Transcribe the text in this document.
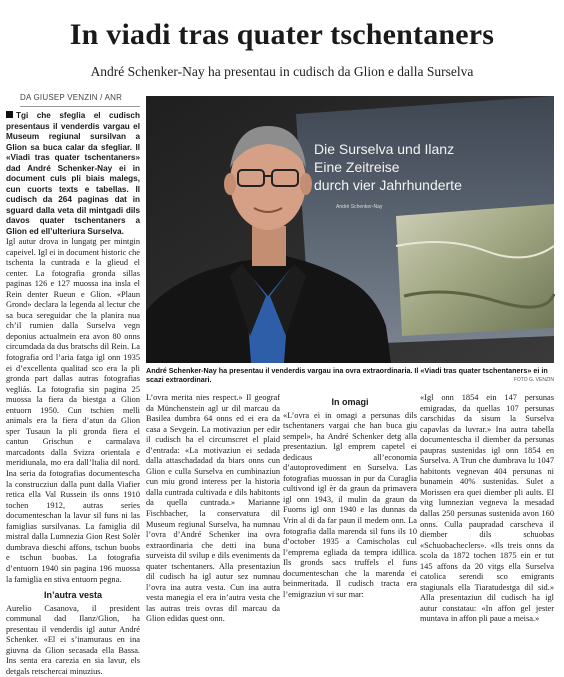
In viadi tras quater tschentaners
André Schenker-Nay ha presentau in cudisch da Glion e dalla Surselva
DA GIUSEP VENZIN / ANR
Tgi che sfeglia el cudisch presentaus il venderdis vargau el Museum regiunal sursilvan a Glion sa buca calar da sfegliar. Il «Viadi tras quater tschentaners» dad André Schenker-Nay ei in document culs pli biais malegs, cun cuorts texts e tabellas. Il cudisch da 264 paginas dat in sguard dalla veta dil mintgadi dils davos quater tschentaners a Glion ed ell’ulteriura Surselva.
Igl autur drova in lungatg per mintgin capeivel. Igl ei in document historic che tschenta la cuntrada e la glieud el center. La fotografia gronda sillas paginas 126 e 127 muossa ina insla el Rein denter Rueun e Glion. «Plaun Grond» declara la legenda al lectur che sa buca sereguidar che la planira nua ch’il rumien dalla Surselva vegn deponius actualmein era avon 80 onns circumdada da dus bratschs dil Rein. La fotografia ord l’aria fatga igl onn 1935 ei d’excellenta qualitad sco era la pli gronda part dallas autras fotografias vegliás. La fotografia sin pagina 25 muossa la fiera da biestga a Glion entuorn 1950. Cun tschien melli animals era la fiera d’atun da Glion sper Tusaun la pli gronda fiera el cantun Grischun e carmalava marcadonts dalla Svizra orientala e meridiunala, mo era dall’Italia dil nord. Ina seria da fotografias documentescha la construcziun dalla punt dalla Viafier retica ella Val Russein ils onns 1910 tochen 1912, autras series documenteschan la lavur sil funs ni las famiglias sursilvanas. La famiglia dil mistral dalla Lumnezia Gion Rest Solèr dumbrava dieschi affons, tschun buobs e tschun buobas. La fotografia d’entuorn 1940 sin pagina 196 muossa la famiglia en stiva entuorn pegna.
In’autra vesta
Aurelio Casanova, il president communal dad Ilanz/Glion, ha presentau il venderdis igl autur André Schenker. «El ei s’inamuraus en ina giuvna da Glion secasada ella Bassa. Ins senta era carezia en sia lavur, els detgals retschercai minuzius.
Die Surselva und Ilanz
Eine Zeitreise
durch vier Jahrhunderte
André Schenker-Nay
André Schenker-Nay ha presentau il venderdis vargau ina ovra extraordinaria. Il «Viadi tras quater tschentaners» ei in scazi extraordinari.	FOTO G. VENZIN
L’ovra merita nies respect.» Il geograf da Münchenstein agl ur dil marcau da Basilea dumbra 64 onns ed ei era da casa a Sevgein. La motivaziun per edir il cudisch ha el circumscret el plaid d’entrada: «La motivaziun ei sedada dalla attaschadadad da biars onns cun Glion e culla Surselva en cumbinaziun cun miu grond interess per la historia dalla cuntrada cultivada e dils habitonts da quella cuntrada.» Marianne Fischbacher, la conservatura dil Museum regiunal Surselva, ha numnau l’ovra d’André Schenker ina ovra extraordinaria che detti ina buna surveista dil svilup e dils eveniments da quater tschentaners. Alla presentaziun dil cudisch ha igl autur sez numnau l’ovra ina autra vesta. Cun ina autra vesta manegia el era in’autra vesta che las autras treis ovras dil marcau da Glion edidas quest onn.
In omagi
«L’ovra ei in omagi a persunas dils tschentaners vargai che han buca giu sempel», ha André Schenker detg alla presentaziun. Igl emprem capetel ei dedicaus all’economia d’autoprovediment en Surselva. Las fotografias muossan in pur da Curaglia cultivond igl èr da graun da primavera igl onn 1943, il mulin da graun da Fuorns igl onn 1940 e las dunnas da Vrin al di da far paun il medem onn. La fotografia dalla marenda sil funs ils 10 d’october 1935 a Camischolas cul l’emprema egliada da tempra idillica. Ils gronds sacs truffels el funs documenteschan che la marenda ei beinmeritada. Il cudisch tracta era l’emigraziun vi sur mar:
«Igl onn 1854 ein 147 persunas emigradas, da quellas 107 persunas carschidas da sisum la Surselva capavlas da luvrar.» Ina autra tabella documentescha il diember da persunas paupras sustenidas igl onn 1854 en Surselva. A Trun che dumbrava lu 1047 habitonts vegnevan 404 persunas ni bunamein 40% sustenidas. Sulet a Morissen era quei diember pli aults. El vitg lumnezian vegneva la mesadad dallas 250 persunas sustenida avon 160 onns. Culla paupradad carscheva il diember dils schuobas «Schuobacheclers». «Ils treis onns da scola da 1872 tochen 1875 ein er tut 145 affons da 20 vitgs ella Surselva catolica serendi sco emigrants stagiunals ella Tiaratudestga dil sid.» Alla presentaziun dil cudisch ha igl autur constatau: «In affon gel jester muntava in affon pli paue a meisa.»
